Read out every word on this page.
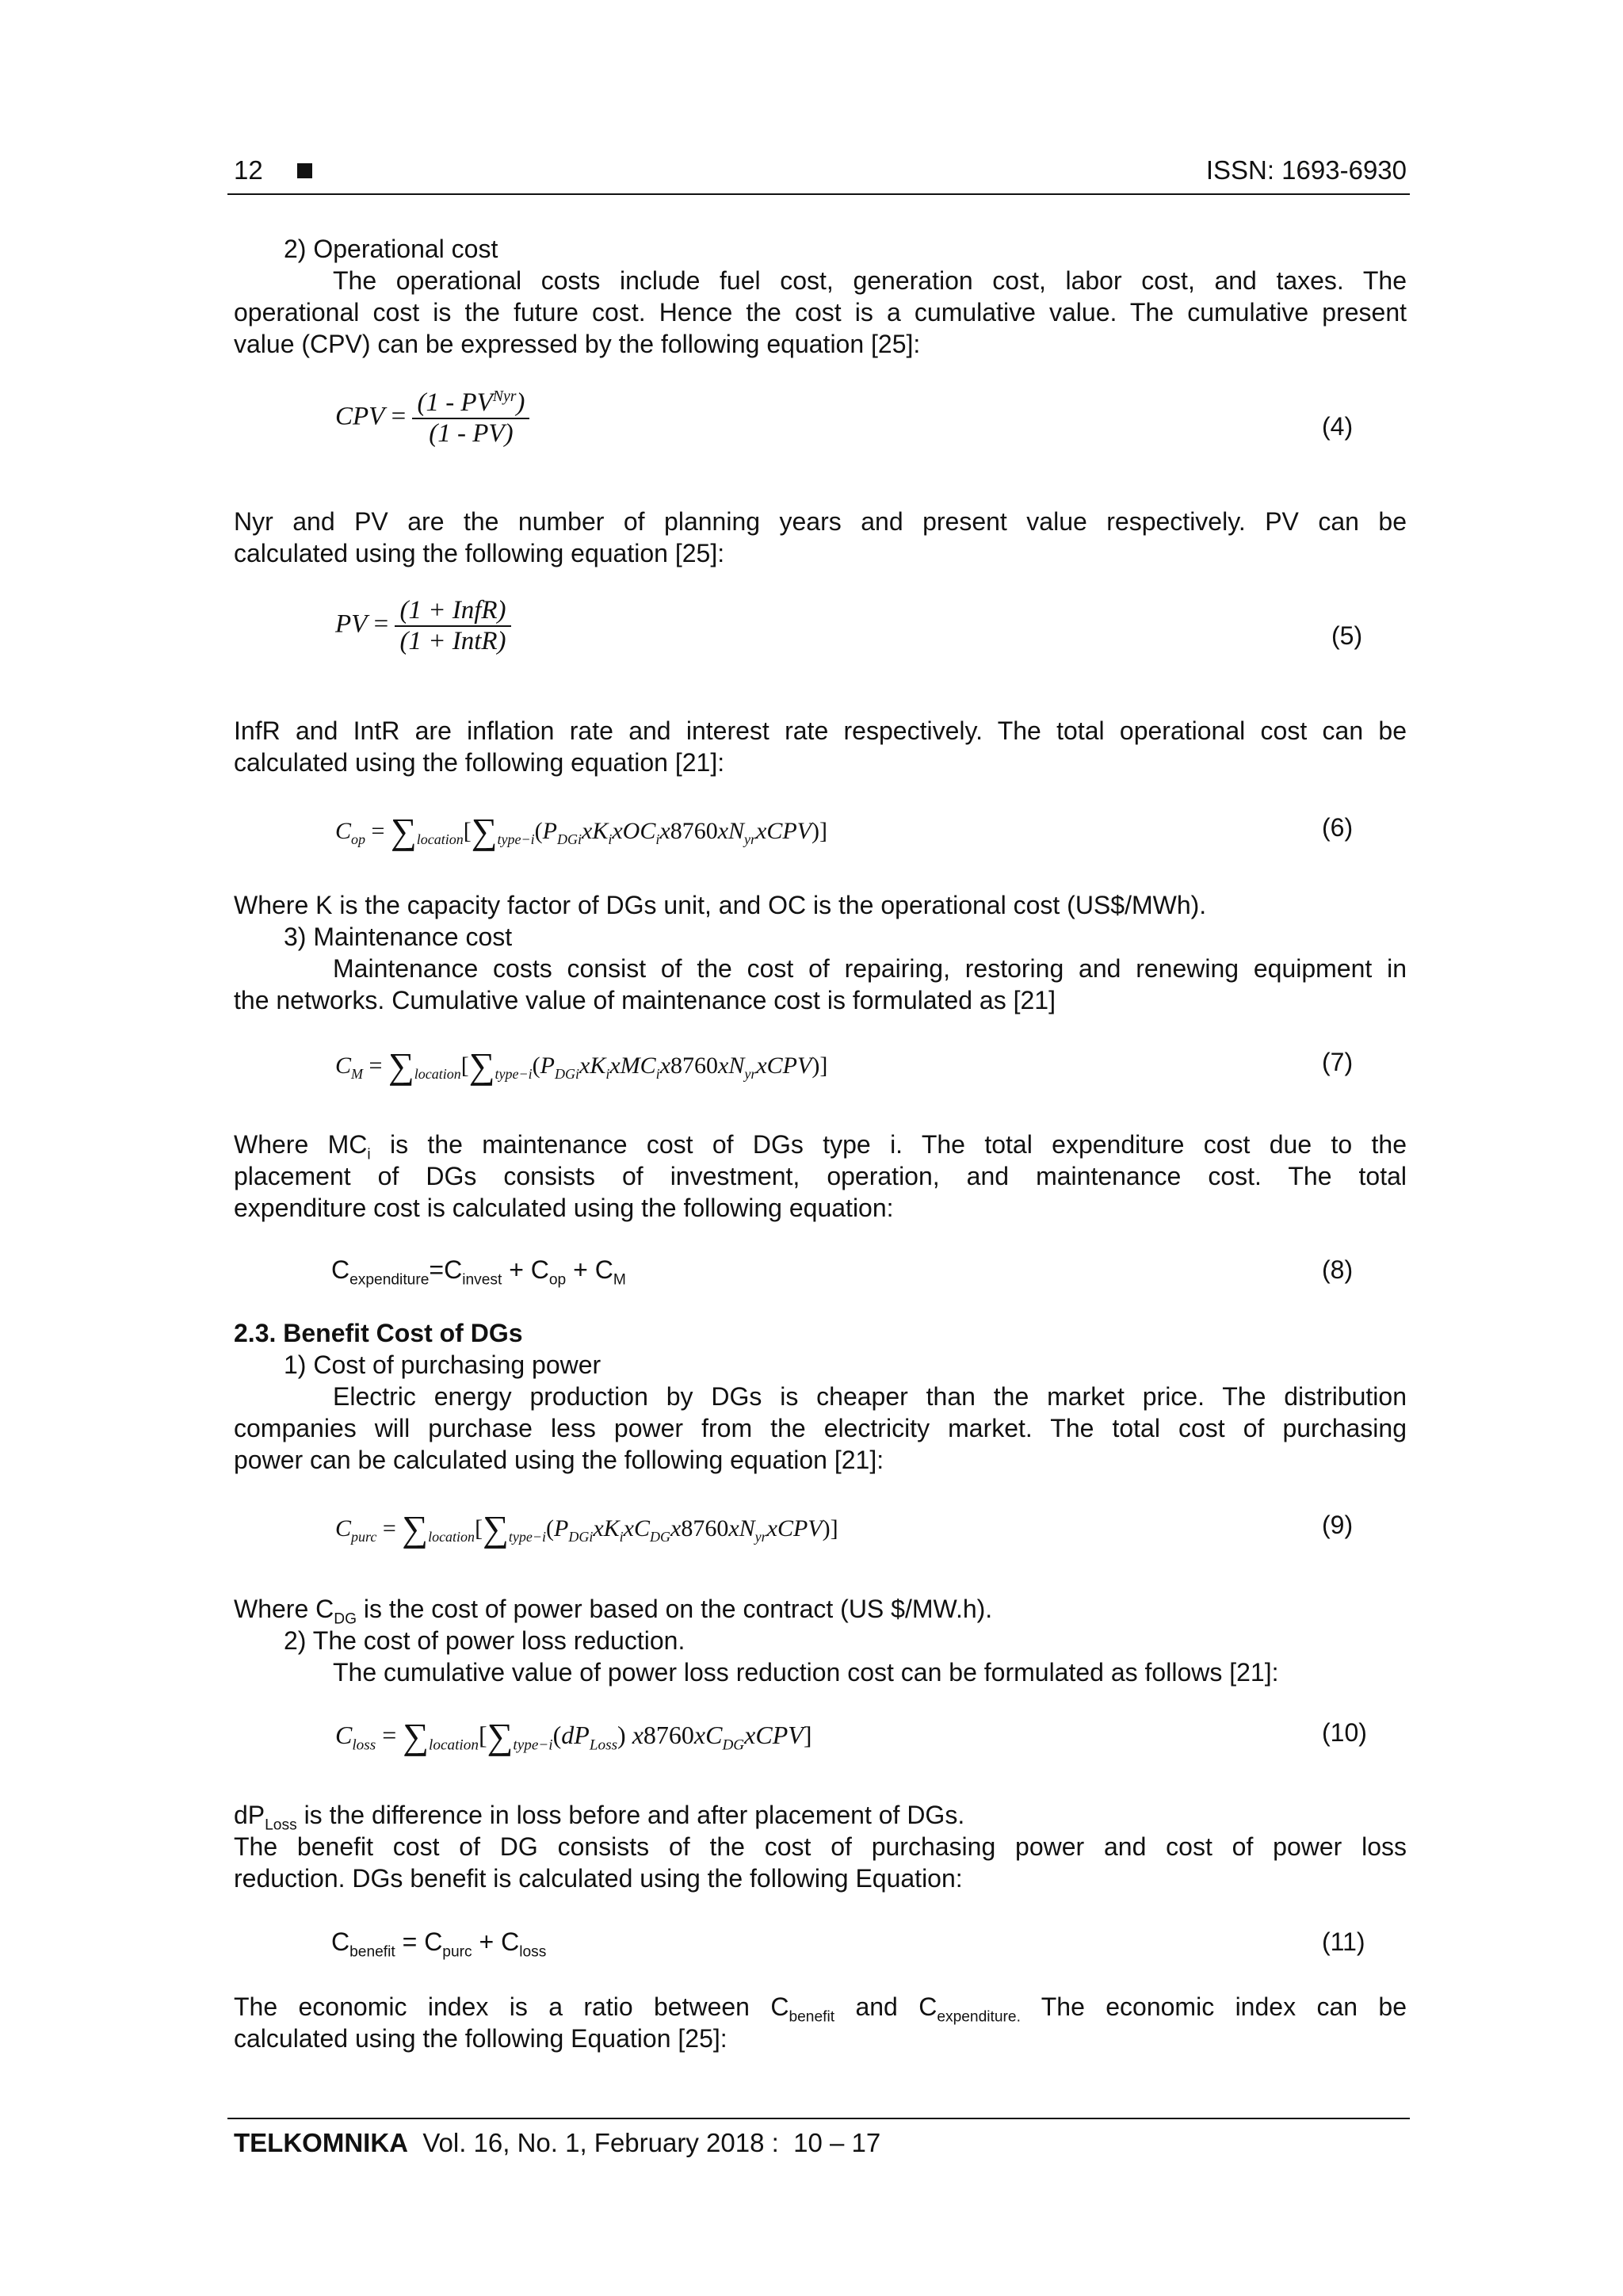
12	ISSN: 1693-6930
2) Operational cost
The operational costs include fuel cost, generation cost, labor cost, and taxes. The
operational cost is the future cost. Hence the cost is a cumulative value. The cumulative present
value (CPV) can be expressed by the following equation [25]:
CPV = $\frac{(1 - PV^{Nyr})}{(1 - PV)}$	(4)
Nyr and PV are the number of planning years and present value respectively. PV can be
calculated using the following equation [25]:
PV = $\frac{\text{(1 + InfR)}}{\text{(1 + IntR)}}$	(5)
InfR and IntR are inflation rate and interest rate respectively. The total operational cost can be
calculated using the following equation [21]:
$C_{op}$ = $\sum_{location}[\sum_{type-i}(P_{DGi}xK_ixOC_ix8760xN_{yr}xCPV)]$	(6)
Where K is the capacity factor of DGs unit, and OC is the operational cost (US$/MWh).
3) Maintenance cost
Maintenance costs consist of the cost of repairing, restoring and renewing equipment in
the networks. Cumulative value of maintenance cost is formulated as [21]
$C_M$ = $\sum_{location}[\sum_{type-i}(P_{DGi}xK_ixMC_ix8760xN_{yr}xCPV)]$	(7)
Where $MC_i$ is the maintenance cost of DGs type i. The total expenditure cost due to the
placement of DGs consists of investment, operation, and maintenance cost. The total
expenditure cost is calculated using the following equation:
$C_{expenditure}=C_{invest} + C_{op} + C_M$	(8)
2.3. Benefit Cost of DGs
1) Cost of purchasing power
Electric energy production by DGs is cheaper than the market price. The distribution
companies will purchase less power from the electricity market. The total cost of purchasing
power can be calculated using the following equation [21]:
$C_{purc}$ = $\sum_{location}[\sum_{type-i}(P_{DGi}xK_ixC_{DG}x8760xN_{yr}xCPV)]$	(9)
Where $C_{DG}$ is the cost of power based on the contract (US $/MW.h).
2) The cost of power loss reduction.
The cumulative value of power loss reduction cost can be formulated as follows [21]:
$C_{loss} = \sum_{location}[\sum_{type-i}(dP_{Loss})$ $x8760xC_{DG}xCPV$]	(10)
$dP_{Loss}$ is the difference in loss before and after placement of DGs.
The benefit cost of DG consists of the cost of purchasing power and cost of power loss
reduction. DGs benefit is calculated using the following Equation:
$C_{benefit} = C_{purc} + C_{loss}$	(11)
The economic index is a ratio between $C_{benefit}$ and $C_{expenditure.}$ The economic index can be
calculated using the following Equation [25]:
TELKOMNIKA  Vol. 16, No. 1, February 2018 :  10 – 17
